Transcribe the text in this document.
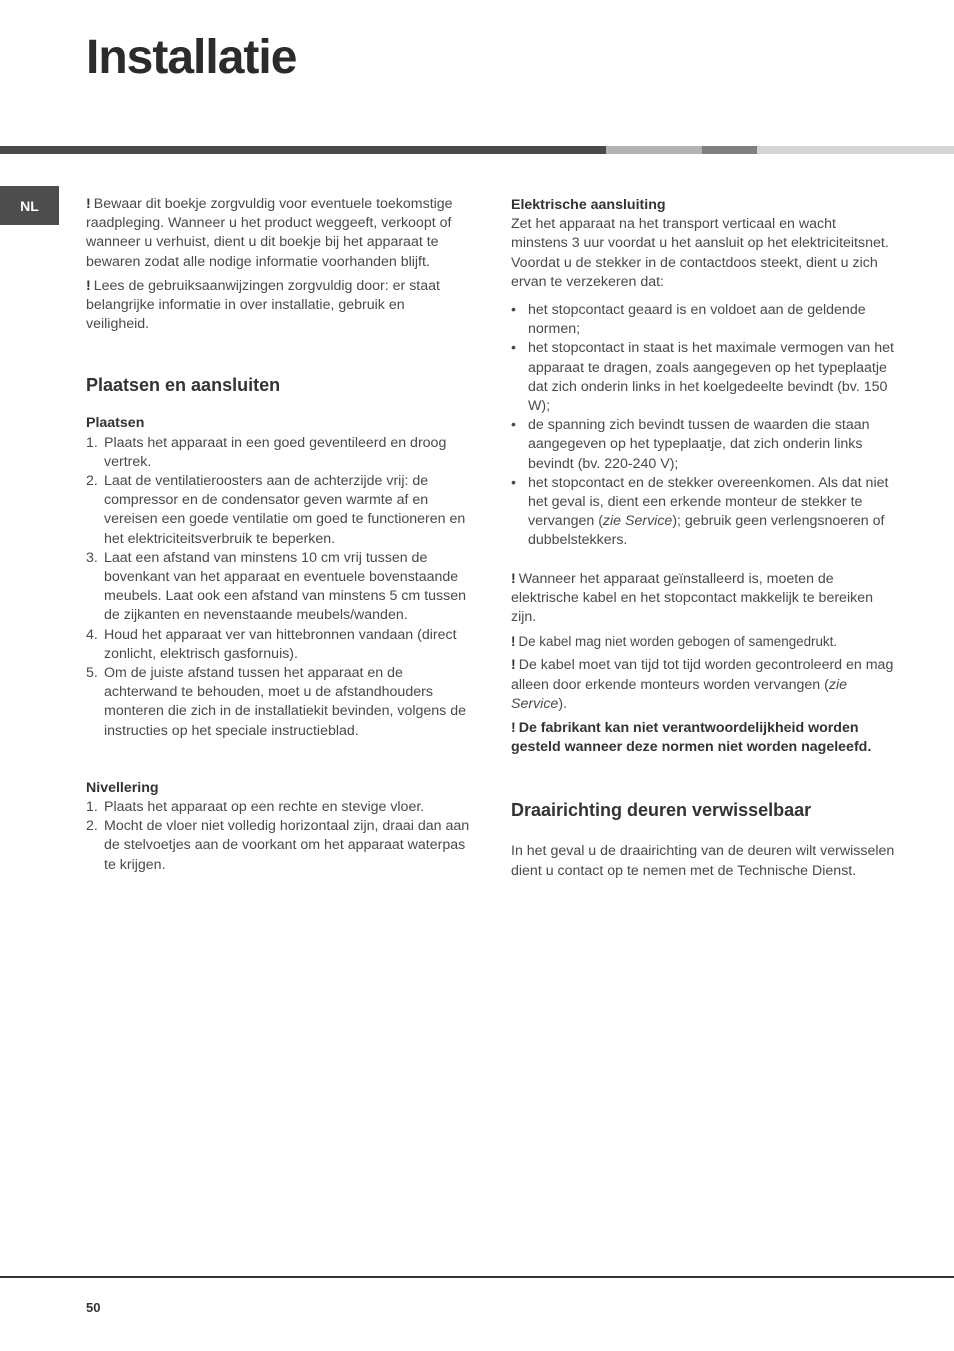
Installatie
NL	! Bewaar dit boekje zorgvuldig voor eventuele toekomstige raadpleging. Wanneer u het product weggeeft, verkoopt of wanneer u verhuist, dient u dit boekje bij het apparaat te bewaren zodat alle nodige informatie voorhanden blijft.

! Lees de gebruiksaanwijzingen zorgvuldig door: er staat belangrijke informatie in over installatie, gebruik en veiligheid.

Plaatsen en aansluiten
Plaatsen
1. Plaats het apparaat in een goed geventileerd en droog vertrek.
2. Laat de ventilatieroosters aan de achterzijde vrij: de compressor en de condensator geven warmte af en vereisen een goede ventilatie om goed te functioneren en het elektriciteitsverbruik te beperken.
3. Laat een afstand van minstens 10 cm vrij tussen de bovenkant van het apparaat en eventuele bovenstaande meubels. Laat ook een afstand van minstens 5 cm tussen de zijkanten en nevenstaande meubels/wanden.
4. Houd het apparaat ver van hittebronnen vandaan (direct zonlicht, elektrisch gasfornuis).
5. Om de juiste afstand tussen het apparaat en de achterwand te behouden, moet u de afstandhouders monteren die zich in de installatiekit bevinden, volgens de instructies op het speciale instructieblad.
Nivellering
1. Plaats het apparaat op een rechte en stevige vloer.
2. Mocht de vloer niet volledig horizontaal zijn, draai dan aan de stelvoetjes aan de voorkant om het apparaat waterpas te krijgen.
Elektrische aansluiting

Zet het apparaat na het transport verticaal en wacht minstens 3 uur voordat u het aansluit op het elektriciteitsnet. Voordat u de stekker in de contactdoos steekt, dient u zich ervan te verzekeren dat:

• het stopcontact geaard is en voldoet aan de geldende normen;
• het stopcontact in staat is het maximale vermogen van het apparaat te dragen, zoals aangegeven op het typeplaatje dat zich onderin links in het koelgedeelte bevindt (bv. 150 W);
• de spanning zich bevindt tussen de waarden die staan aangegeven op het typeplaatje, dat zich onderin links bevindt (bv. 220-240 V);
• het stopcontact en de stekker overeenkomen. Als dat niet het geval is, dient een erkende monteur de stekker te vervangen (zie Service); gebruik geen verlengsnoeren of dubbelstekkers.

! Wanneer het apparaat geïnstalleerd is, moeten de elektrische kabel en het stopcontact makkelijk te bereiken zijn.

! De kabel mag niet worden gebogen of samengedrukt.

! De kabel moet van tijd tot tijd worden gecontroleerd en mag alleen door erkende monteurs worden vervangen (zie Service).

! De fabrikant kan niet verantwoordelijkheid worden gesteld wanneer deze normen niet worden nageleefd.

Draairichting deuren verwisselbaar

In het geval u de draairichting van de deuren wilt verwisselen dient u contact op te nemen met de Technische Dienst.

50
